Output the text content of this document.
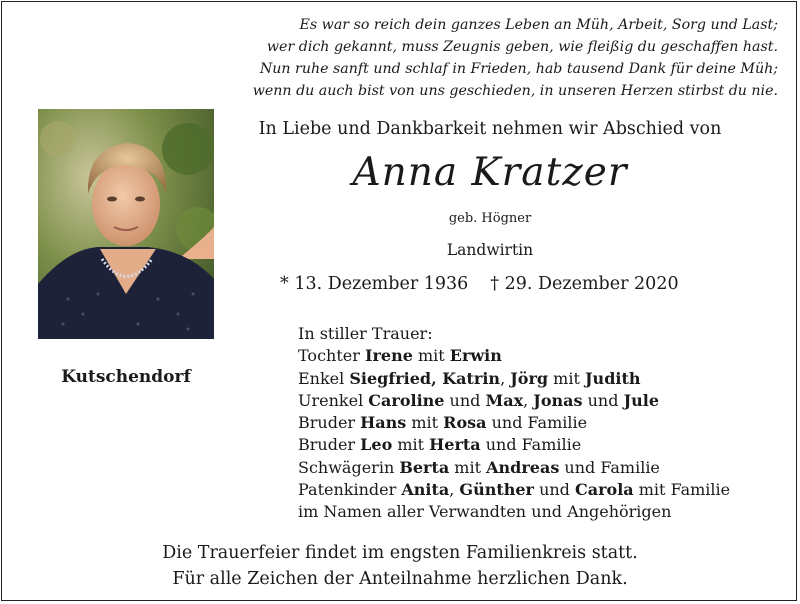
Es war so reich dein ganzes Leben an Müh, Arbeit, Sorg und Last;
wer dich gekannt, muss Zeugnis geben, wie fleißig du geschaffen hast.
Nun ruhe sanft und schlaf in Frieden, hab tausend Dank für deine Müh;
wenn du auch bist von uns geschieden, in unseren Herzen stirbst du nie.
Kutschendorf
In Liebe und Dankbarkeit nehmen wir Abschied von
Anna Kratzer
geb. Högner
Landwirtin
* 13. Dezember 1936 † 29. Dezember 2020
In stiller Trauer:
Tochter Irene mit Erwin
Enkel Siegfried, Katrin, Jörg mit Judith
Urenkel Caroline und Max, Jonas und Jule
Bruder Hans mit Rosa und Familie
Bruder Leo mit Herta und Familie
Schwägerin Berta mit Andreas und Familie
Patenkinder Anita, Günther und Carola mit Familie
im Namen aller Verwandten und Angehörigen
Die Trauerfeier findet im engsten Familienkreis statt.
Für alle Zeichen der Anteilnahme herzlichen Dank.
